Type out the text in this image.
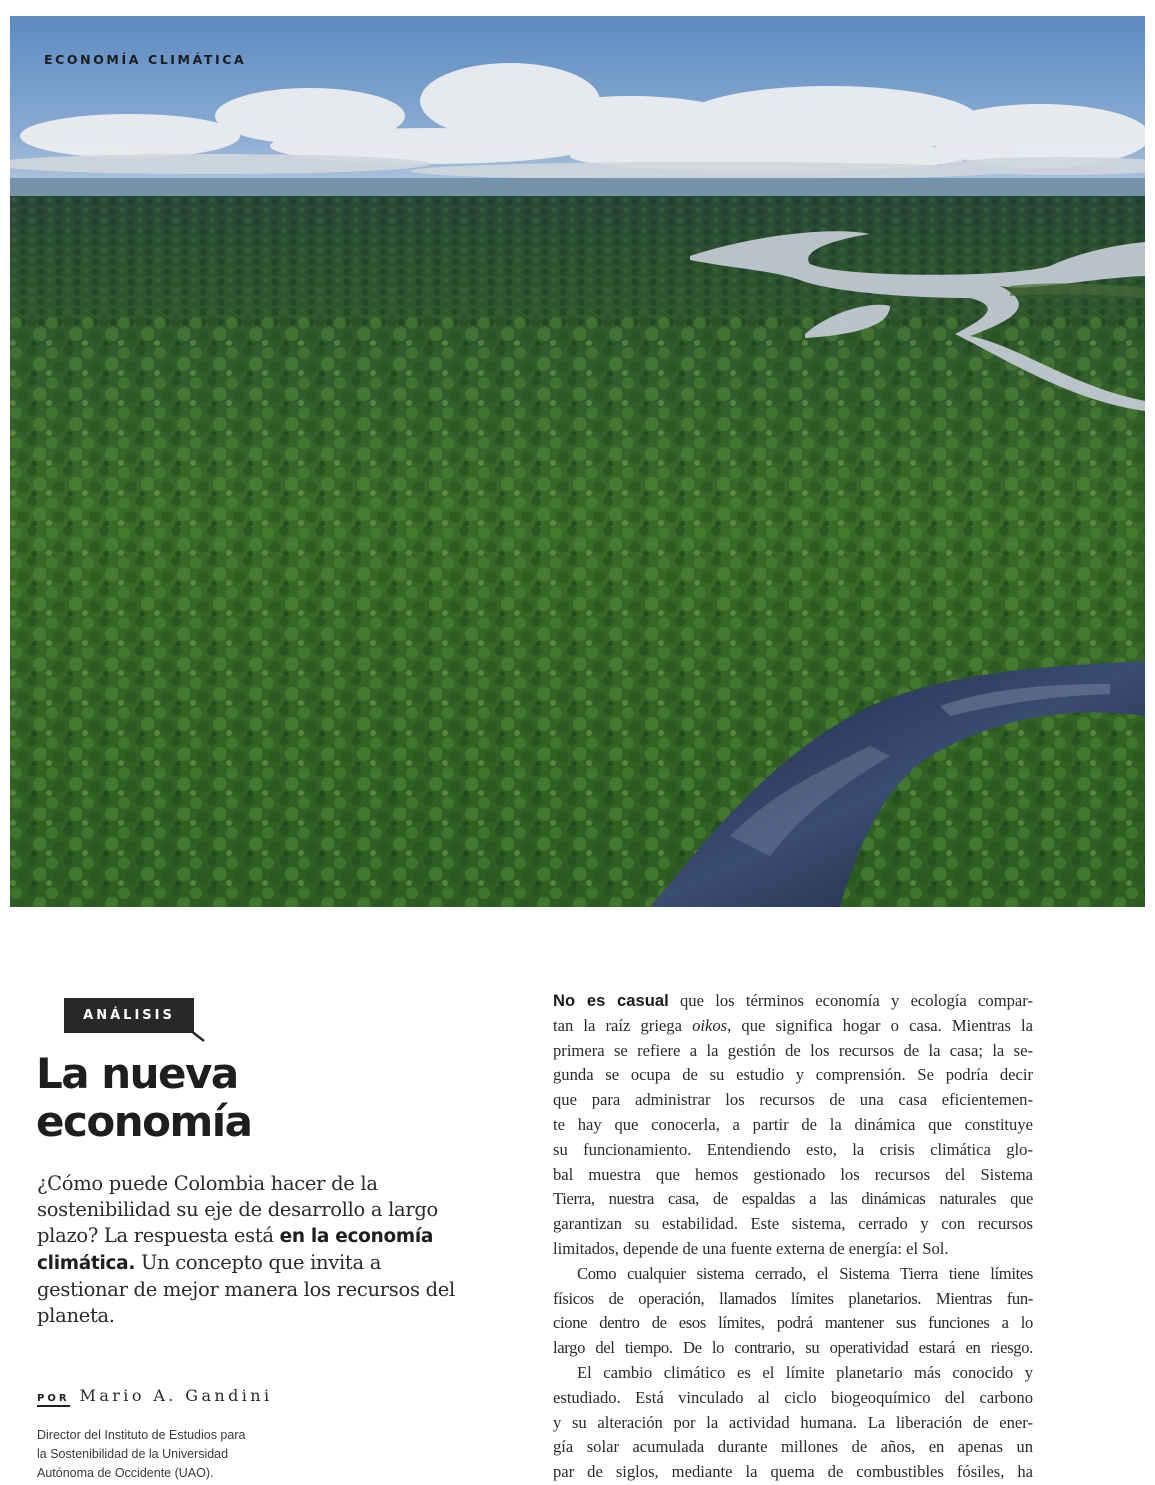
ECONOMÍA CLIMÁTICA
ANÁLISIS
La nueva
economía

¿Cómo puede Colombia hacer de la sostenibilidad su eje de desarrollo a largo plazo? La respuesta está en la economía climática. Un concepto que invita a gestionar de mejor manera los recursos del planeta.

POR Mario A. Gandini

Director del Instituto de Estudios para
la Sostenibilidad de la Universidad
Autónoma de Occidente (UAO).

No es casual que los términos economía y ecología compar-
tan la raíz griega oikos, que significa hogar o casa. Mientras la
primera se refiere a la gestión de los recursos de la casa; la se-
gunda se ocupa de su estudio y comprensión. Se podría decir
que para administrar los recursos de una casa eficientemen-
te hay que conocerla, a partir de la dinámica que constituye
su funcionamiento. Entendiendo esto, la crisis climática glo-
bal muestra que hemos gestionado los recursos del Sistema
Tierra, nuestra casa, de espaldas a las dinámicas naturales que
garantizan su estabilidad. Este sistema, cerrado y con recursos
limitados, depende de una fuente externa de energía: el Sol.

Como cualquier sistema cerrado, el Sistema Tierra tiene límites
físicos de operación, llamados límites planetarios. Mientras fun-
cione dentro de esos límites, podrá mantener sus funciones a lo
largo del tiempo. De lo contrario, su operatividad estará en riesgo.

El cambio climático es el límite planetario más conocido y
estudiado. Está vinculado al ciclo biogeoquímico del carbono
y su alteración por la actividad humana. La liberación de ener-
gía solar acumulada durante millones de años, en apenas un
par de siglos, mediante la quema de combustibles fósiles, ha
